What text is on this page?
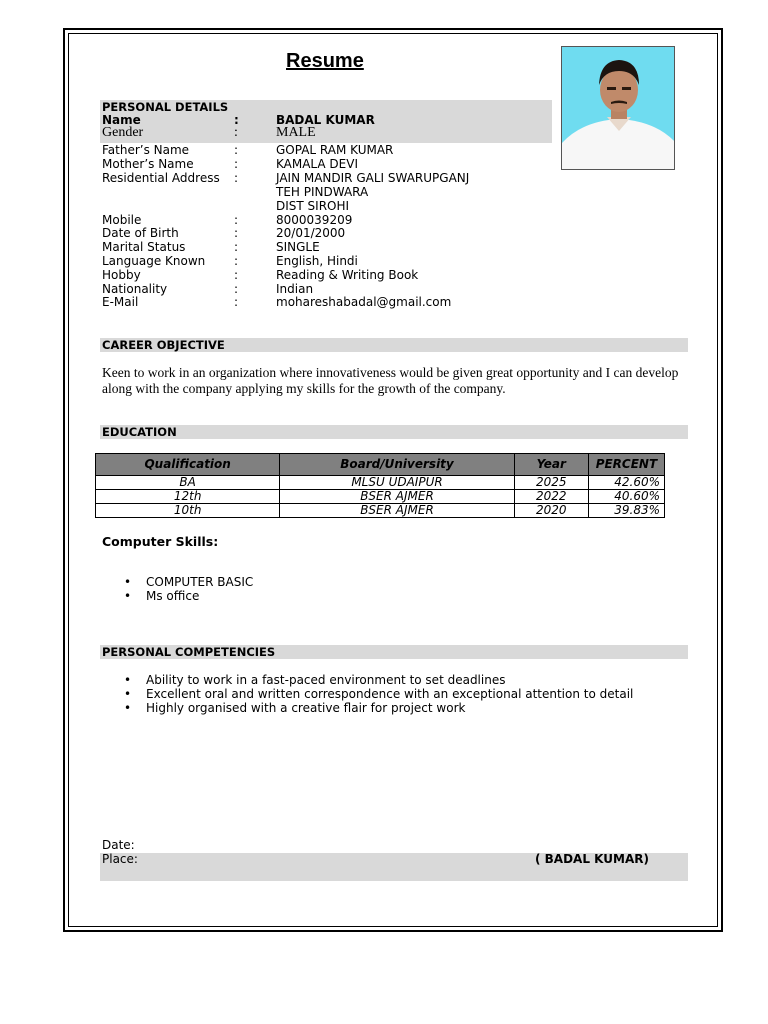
Resume
PERSONAL DETAILS
Name	:	BADAL KUMAR
Gender	:	MALE
Father’s Name	:	GOPAL RAM KUMAR
Mother’s Name	:	KAMALA DEVI
Residential Address :	JAIN MANDIR GALI SWARUPGANJ
TEH PINDWARA
DIST SIROHI
Mobile	:	8000039209
Date of Birth	:	20/01/2000
Marital Status	:	SINGLE
Language Known :	English, Hindi
Hobby	:	Reading & Writing Book
Nationality	:	Indian
E-Mail	:	mohareshabadal@gmail.com
CAREER OBJECTIVE
Keen to work in an organization where innovativeness would be given great opportunity and I can develop along with the company applying my skills for the growth of the company.
EDUCATION
Qualification	Board/University	Year	PERCENT
BA	MLSU UDAIPUR	2025	42.60%
12th	BSER AJMER	2022	40.60%
10th	BSER AJMER	2020	39.83%
Computer Skills:
• COMPUTER BASIC
• Ms office
PERSONAL COMPETENCIES
• Ability to work in a fast-paced environment to set deadlines
• Excellent oral and written correspondence with an exceptional attention to detail
• Highly organised with a creative flair for project work
Date:
Place:	( BADAL KUMAR)
